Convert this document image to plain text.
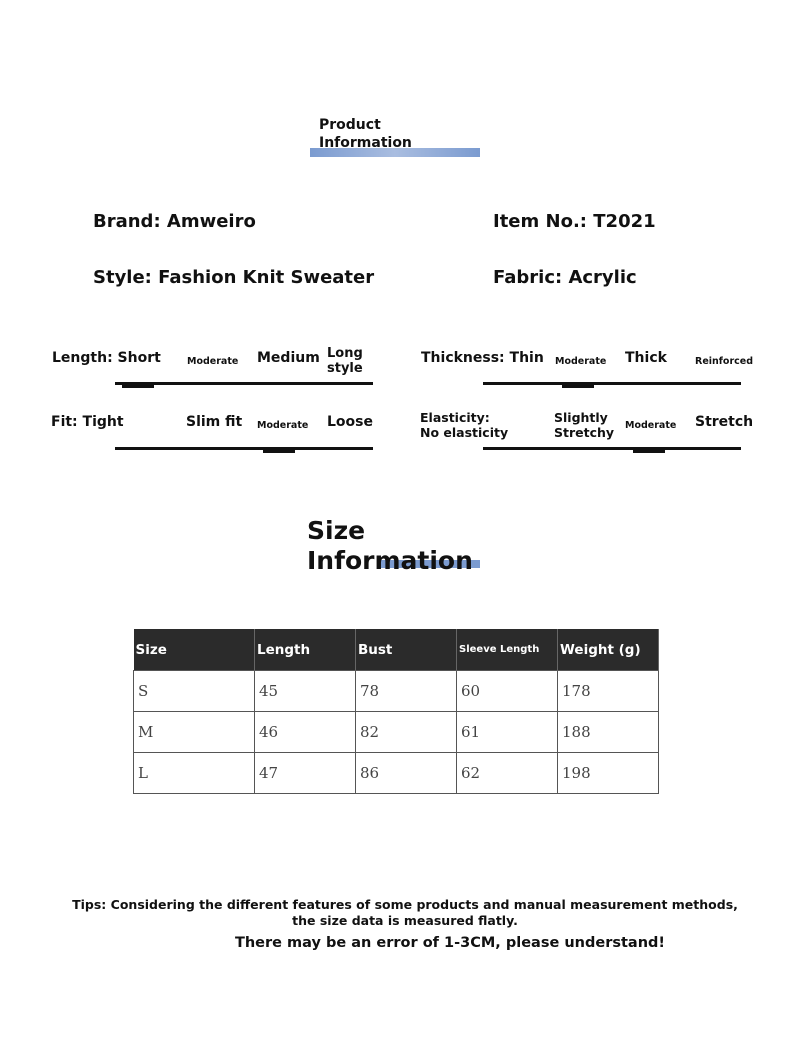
Product
Information
Brand: Amweiro	Item No.: T2021
Style: Fashion Knit Sweater	Fabric: Acrylic
Length: Short	Moderate Medium Long style
Thickness: Thin Moderate Thick	Reinforced
Fit: Tight	Slim fit Moderate Loose	Elasticity: No elasticity
Slightly Stretchy	Moderate Stretch
Size
Information
Size	Length	Bust	Sleeve Length	Weight (g)
S	45	78	60	178
M	46	82	61	188
L	47	86	62	198
Tips: Considering the different features of some products and manual measurement methods, the size data is measured flatly.
There may be an error of 1-3CM, please understand!
